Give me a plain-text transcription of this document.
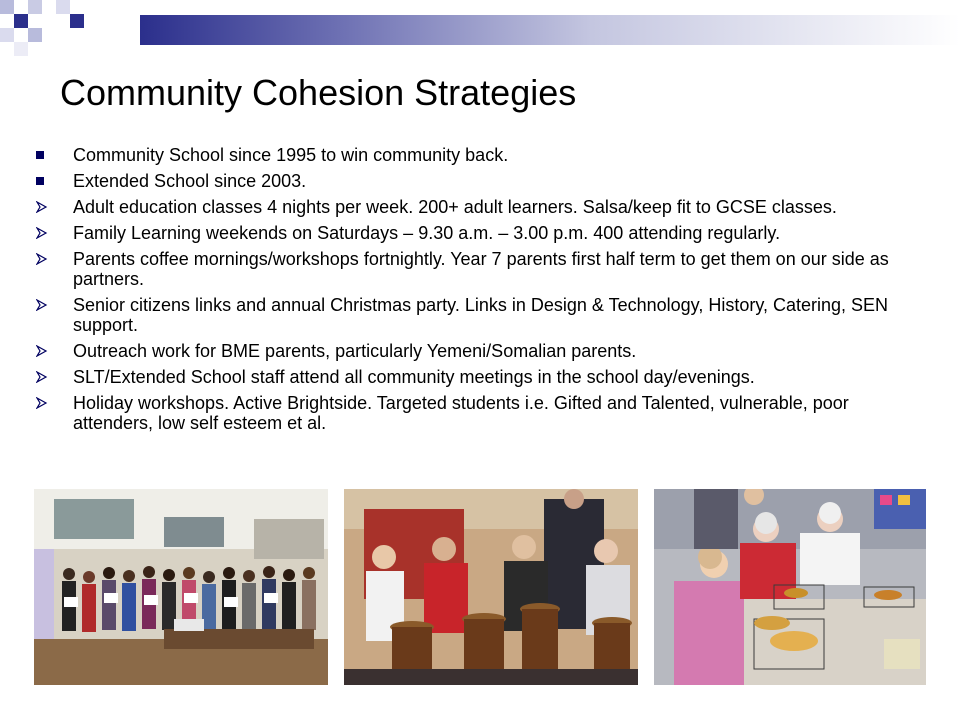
Community Cohesion Strategies
Community School since 1995 to win community back.
Extended School since 2003.
Adult education classes 4 nights per week. 200+ adult learners. Salsa/keep fit to GCSE classes.
Family Learning weekends on Saturdays – 9.30 a.m. – 3.00 p.m. 400 attending regularly.
Parents coffee mornings/workshops fortnightly. Year 7 parents first half term to get them on our side as partners.
Senior citizens links and annual Christmas party. Links in Design & Technology, History, Catering, SEN support.
Outreach work for BME parents, particularly Yemeni/Somalian parents.
SLT/Extended School staff attend all community meetings in the school day/evenings.
Holiday workshops. Active Brightside. Targeted students i.e. Gifted and Talented, vulnerable, poor attenders, low self esteem et al.
